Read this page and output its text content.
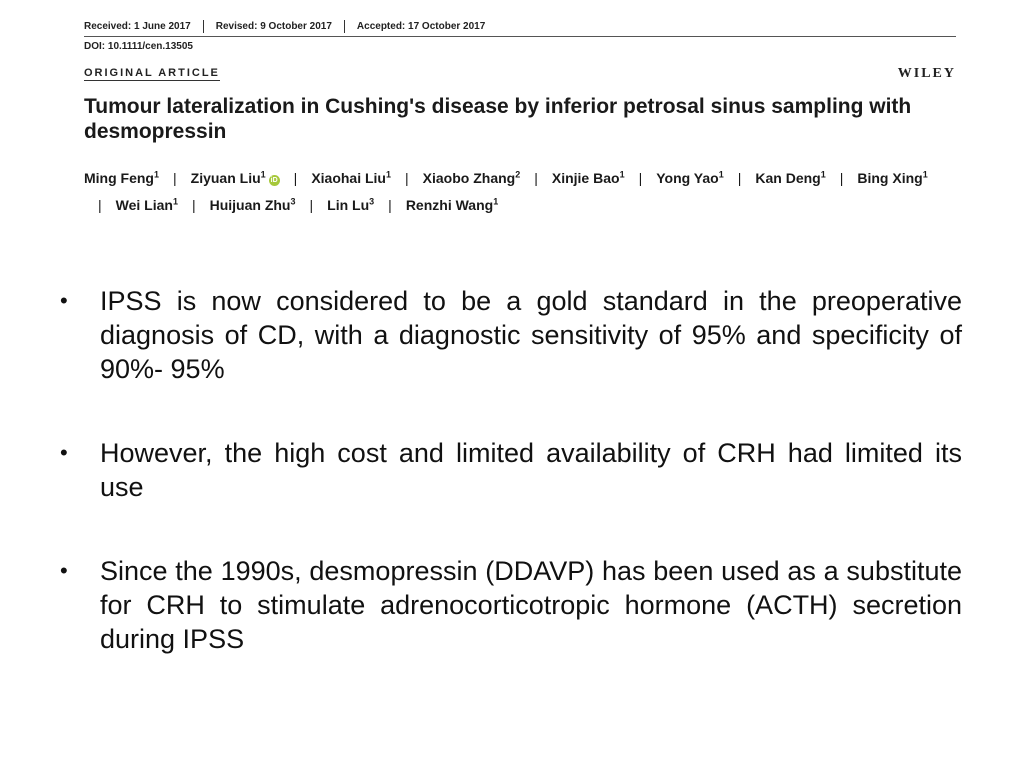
Received: 1 June 2017	Revised: 9 October 2017	Accepted: 17 October 2017
DOI: 10.1111/cen.13505
ORIGINAL ARTICLE	WILEY
Tumour lateralization in Cushing's disease by inferior petrosal sinus sampling with desmopressin
Ming Feng$^1$ | Ziyuan Liu$^1$iD | Xiaohai Liu$^1$ | Xiaobo Zhang$^2$ | Xinjie Bao$^1$ | Yong Yao$^1$ | Kan Deng$^1$ | Bing Xing$^1$| Wei Lian$^1$ | Huijuan Zhu$^3$ | Lin Lu$^3$ | Renzhi Wang$^1$
•	IPSS is now considered to be a gold standard in the preoperative diagnosis of CD, with a diagnostic sensitivity of 95% and specificity of 90%- 95%
•	However, the high cost and limited availability of CRH had limited its use
•	Since the 1990s, desmopressin (DDAVP) has been used as a substitute for CRH to stimulate adrenocorticotropic hormone (ACTH) secretion during IPSS
